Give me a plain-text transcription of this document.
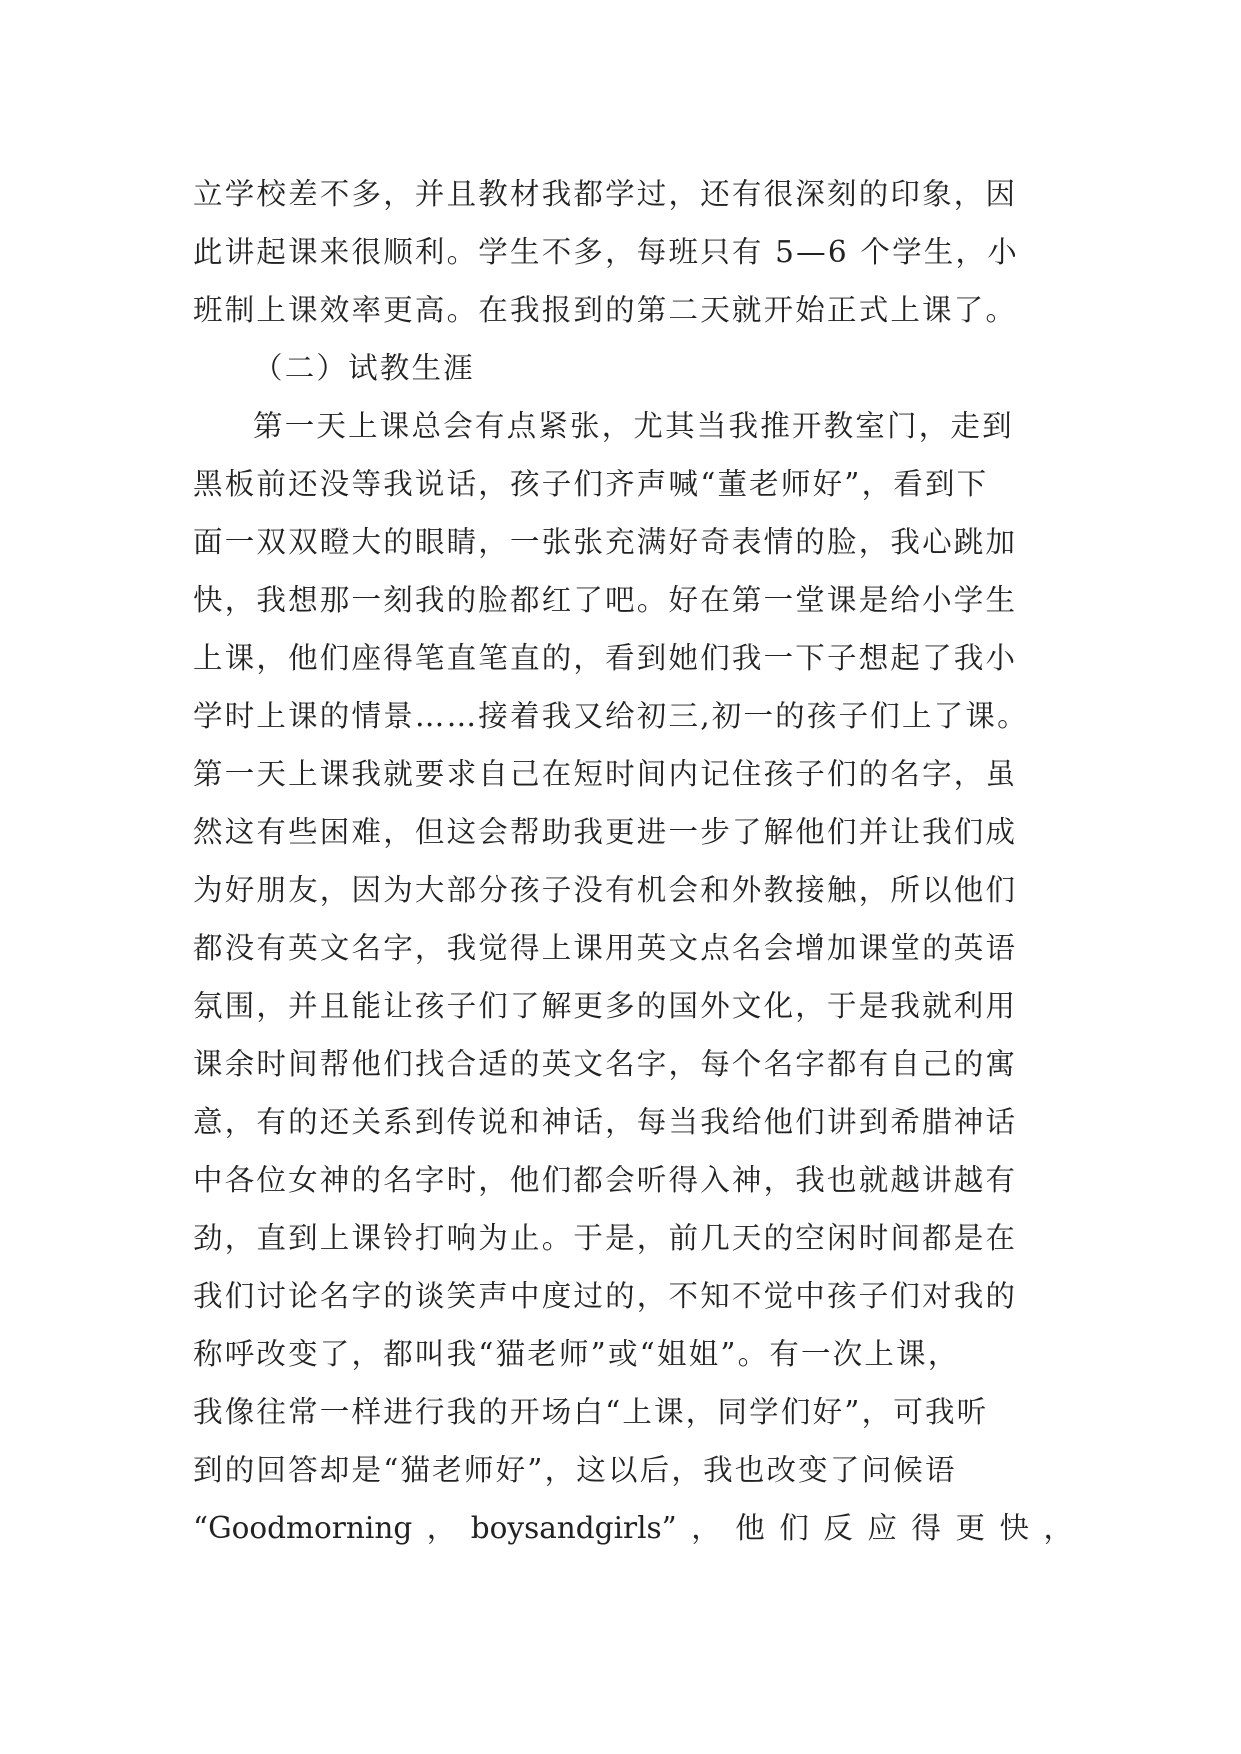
立学校差不多，并且教材我都学过，还有很深刻的印象，因
此讲起课来很顺利。学生不多，每班只有 5—6 个学生，小
班制上课效率更高。在我报到的第二天就开始正式上课了。
（二）试教生涯
第一天上课总会有点紧张，尤其当我推开教室门，走到
黑板前还没等我说话，孩子们齐声喊“董老师好”，看到下
面一双双瞪大的眼睛，一张张充满好奇表情的脸，我心跳加
快，我想那一刻我的脸都红了吧。好在第一堂课是给小学生
上课，他们座得笔直笔直的，看到她们我一下子想起了我小
学时上课的情景……接着我又给初三,初一的孩子们上了课。
第一天上课我就要求自己在短时间内记住孩子们的名字，虽
然这有些困难，但这会帮助我更进一步了解他们并让我们成
为好朋友，因为大部分孩子没有机会和外教接触，所以他们
都没有英文名字，我觉得上课用英文点名会增加课堂的英语
氛围，并且能让孩子们了解更多的国外文化，于是我就利用
课余时间帮他们找合适的英文名字，每个名字都有自己的寓
意，有的还关系到传说和神话，每当我给他们讲到希腊神话
中各位女神的名字时，他们都会听得入神，我也就越讲越有
劲，直到上课铃打响为止。于是，前几天的空闲时间都是在
我们讨论名字的谈笑声中度过的，不知不觉中孩子们对我的
称呼改变了，都叫我“猫老师”或“姐姐”。有一次上课，
我像往常一样进行我的开场白“上课，同学们好”，可我听
到的回答却是“猫老师好”，这以后，我也改变了问候语
“Goodmorning，boysandgirls”，他们反应得更快，
